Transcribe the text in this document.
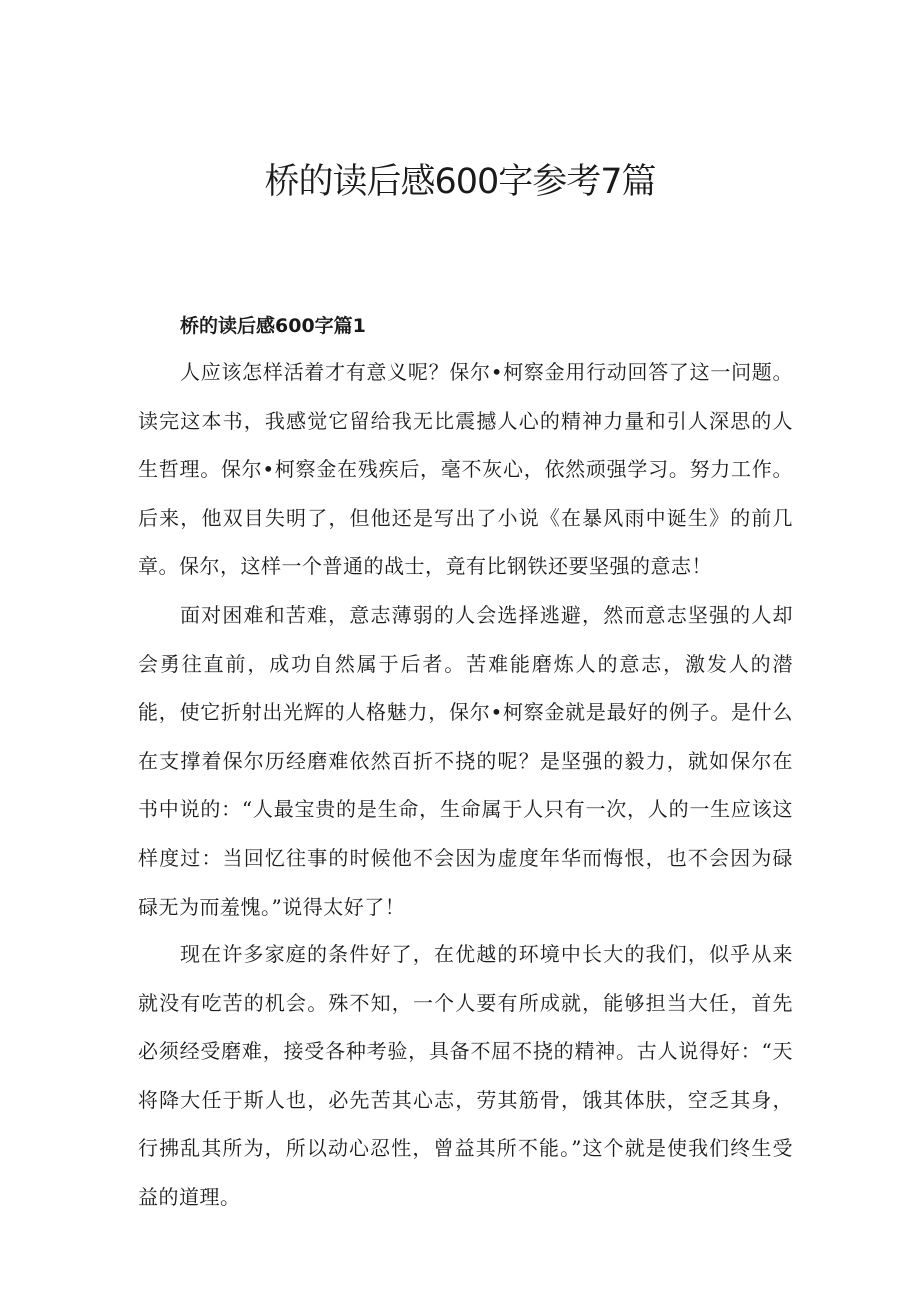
桥的读后感600字参考7篇
桥的读后感600字篇1

人应该怎样活着才有意义呢？保尔•柯察金用行动回答了这一问题。读完这本书，我感觉它留给我无比震撼人心的精神力量和引人深思的人生哲理。保尔•柯察金在残疾后，毫不灰心，依然顽强学习。努力工作。后来，他双目失明了，但他还是写出了小说《在暴风雨中诞生》的前几章。保尔，这样一个普通的战士，竟有比钢铁还要坚强的意志！

面对困难和苦难，意志薄弱的人会选择逃避，然而意志坚强的人却会勇往直前，成功自然属于后者。苦难能磨炼人的意志，激发人的潜能，使它折射出光辉的人格魅力，保尔•柯察金就是最好的例子。是什么在支撑着保尔历经磨难依然百折不挠的呢？是坚强的毅力，就如保尔在书中说的：“人最宝贵的是生命，生命属于人只有一次，人的一生应该这样度过：当回忆往事的时候他不会因为虚度年华而悔恨，也不会因为碌碌无为而羞愧。”说得太好了！

现在许多家庭的条件好了，在优越的环境中长大的我们，似乎从来就没有吃苦的机会。殊不知，一个人要有所成就，能够担当大任，首先必须经受磨难，接受各种考验，具备不屈不挠的精神。古人说得好：“天将降大任于斯人也，必先苦其心志，劳其筋骨，饿其体肤，空乏其身，行拂乱其所为，所以动心忍性，曾益其所不能。”这个就是使我们终生受益的道理。
